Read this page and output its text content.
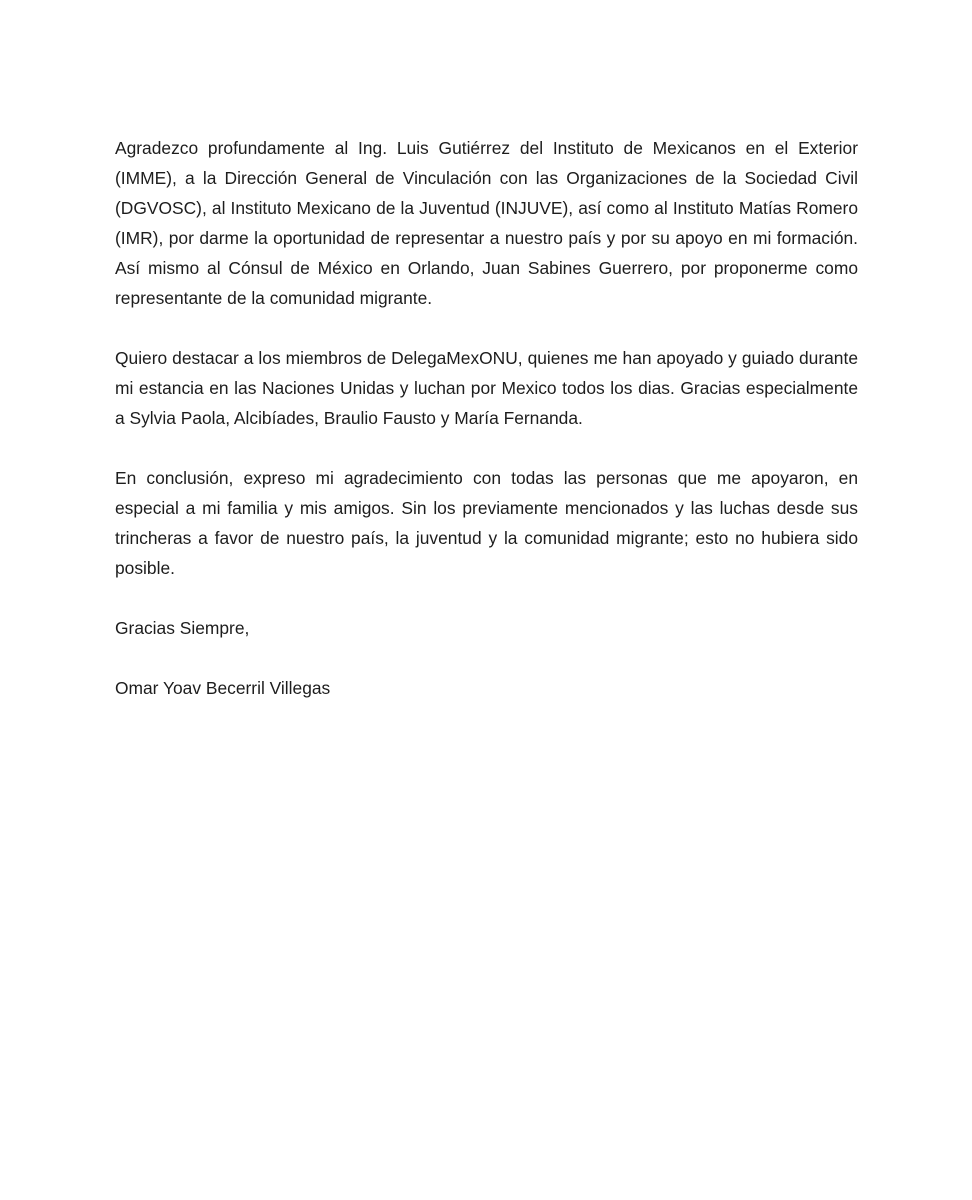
Agradezco profundamente al Ing. Luis Gutiérrez del Instituto de Mexicanos en el Exterior (IMME), a la Dirección General de Vinculación con las Organizaciones de la Sociedad Civil (DGVOSC), al Instituto Mexicano de la Juventud (INJUVE), así como al Instituto Matías Romero (IMR), por darme la oportunidad de representar a nuestro país y por su apoyo en mi formación. Así mismo al Cónsul de México en Orlando, Juan Sabines Guerrero, por proponerme como representante de la comunidad migrante.

Quiero destacar a los miembros de DelegaMexONU, quienes me han apoyado y guiado durante mi estancia en las Naciones Unidas y luchan por Mexico todos los dias. Gracias especialmente a Sylvia Paola, Alcibíades, Braulio Fausto y María Fernanda.

En conclusión, expreso mi agradecimiento con todas las personas que me apoyaron, en especial a mi familia y mis amigos. Sin los previamente mencionados y las luchas desde sus trincheras a favor de nuestro país, la juventud y la comunidad migrante; esto no hubiera sido posible.

Gracias Siempre,

Omar Yoav Becerril Villegas
